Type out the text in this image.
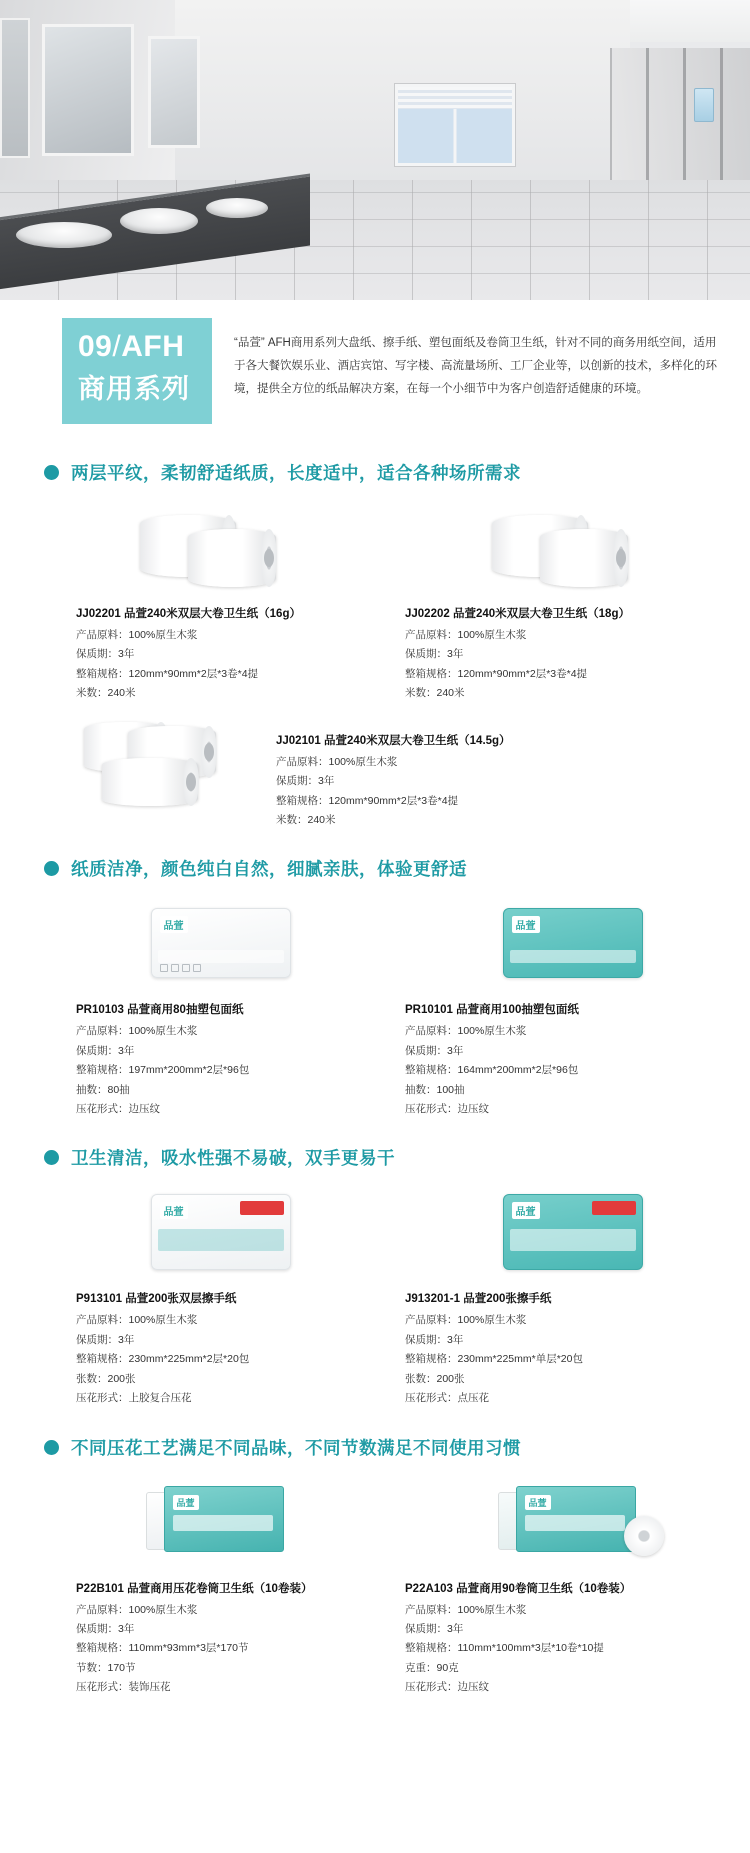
09/AFH
商用系列
“品萱” AFH商用系列大盘纸、擦手纸、塑包面纸及卷筒卫生纸，针对不同的商务用纸空间，适用于各大餐饮娱乐业、酒店宾馆、写字楼、高流量场所、工厂企业等，以创新的技术，多样化的环境，提供全方位的纸品解决方案，在每一个小细节中为客户创造舒适健康的环境。
两层平纹，柔韧舒适纸质，长度适中，适合各种场所需求
JJ02201 品萱240米双层大卷卫生纸（16g）
产品原料：100%原生木浆
保质期：3年
整箱规格：120mm*90mm*2层*3卷*4提
米数：240米
JJ02202 品萱240米双层大卷卫生纸（18g）
产品原料：100%原生木浆
保质期：3年
整箱规格：120mm*90mm*2层*3卷*4提
米数：240米
JJ02101 品萱240米双层大卷卫生纸（14.5g）
产品原料：100%原生木浆
保质期：3年
整箱规格：120mm*90mm*2层*3卷*4提
米数：240米
纸质洁净，颜色纯白自然，细腻亲肤，体验更舒适
品萱
PR10103 品萱商用80抽塑包面纸
产品原料：100%原生木浆
保质期：3年
整箱规格：197mm*200mm*2层*96包
抽数：80抽
压花形式：边压纹
品萱
PR10101 品萱商用100抽塑包面纸
产品原料：100%原生木浆
保质期：3年
整箱规格：164mm*200mm*2层*96包
抽数：100抽
压花形式：边压纹
卫生清洁，吸水性强不易破，双手更易干
品萱
P913101 品萱200张双层擦手纸
产品原料：100%原生木浆
保质期：3年
整箱规格：230mm*225mm*2层*20包
张数：200张
压花形式：上胶复合压花
品萱
J913201-1 品萱200张擦手纸
产品原料：100%原生木浆
保质期：3年
整箱规格：230mm*225mm*单层*20包
张数：200张
压花形式：点压花
不同压花工艺满足不同品味，不同节数满足不同使用习惯
品萱
P22B101 品萱商用压花卷筒卫生纸（10卷装）
产品原料：100%原生木浆
保质期：3年
整箱规格：110mm*93mm*3层*170节
节数：170节
压花形式：装饰压花
品萱
P22A103 品萱商用90卷筒卫生纸（10卷装）
产品原料：100%原生木浆
保质期：3年
整箱规格：110mm*100mm*3层*10卷*10提
克重：90克
压花形式：边压纹
